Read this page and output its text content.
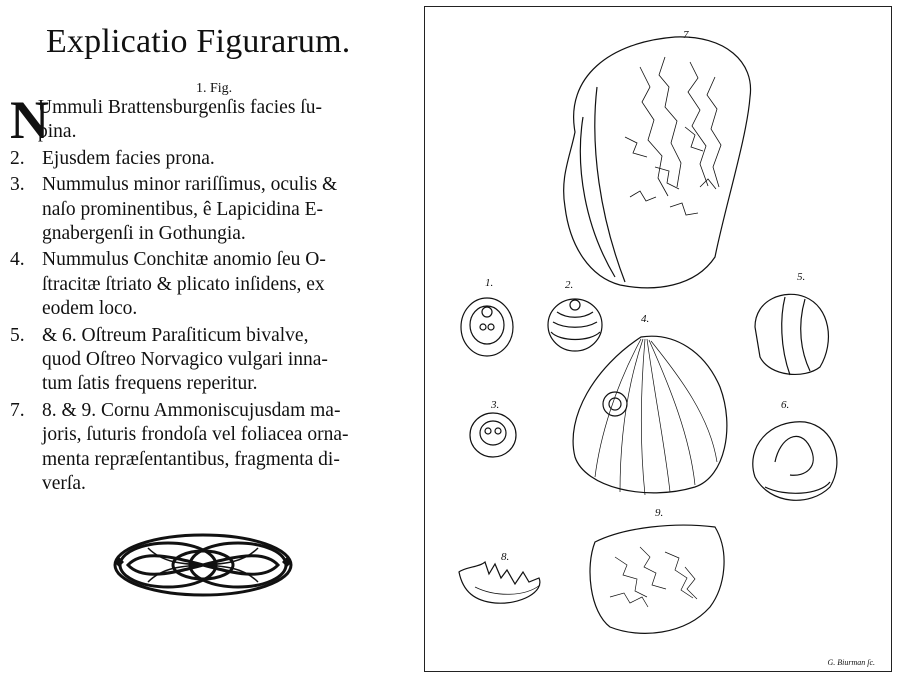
Explicatio Figurarum.
1. Fig.
N
Ummuli Brattensburgenſis facies ſu-
pina.
2. Ejusdem facies prona.
3. Nummulus minor rariſſimus, oculis &
naſo prominentibus, ê Lapicidina E-
gnabergenſi in Gothungia.
4. Nummulus Conchitæ anomio ſeu O-
ſtracitæ ſtriato & plicato inſidens, ex
eodem loco.
5. & 6. Oſtreum Paraſiticum bivalve,
quod Oſtreo Norvagico vulgari inna-
tum ſatis frequens reperitur.
7. 8. & 9. Cornu Ammoniscujusdam ma-
joris, ſuturis frondoſa vel foliacea orna-
menta repræſentantibus, fragmenta di-
verſa.
7.
1.	2.
4.
5.
3.	6.
8.
9.
G. Biurman ſc.
